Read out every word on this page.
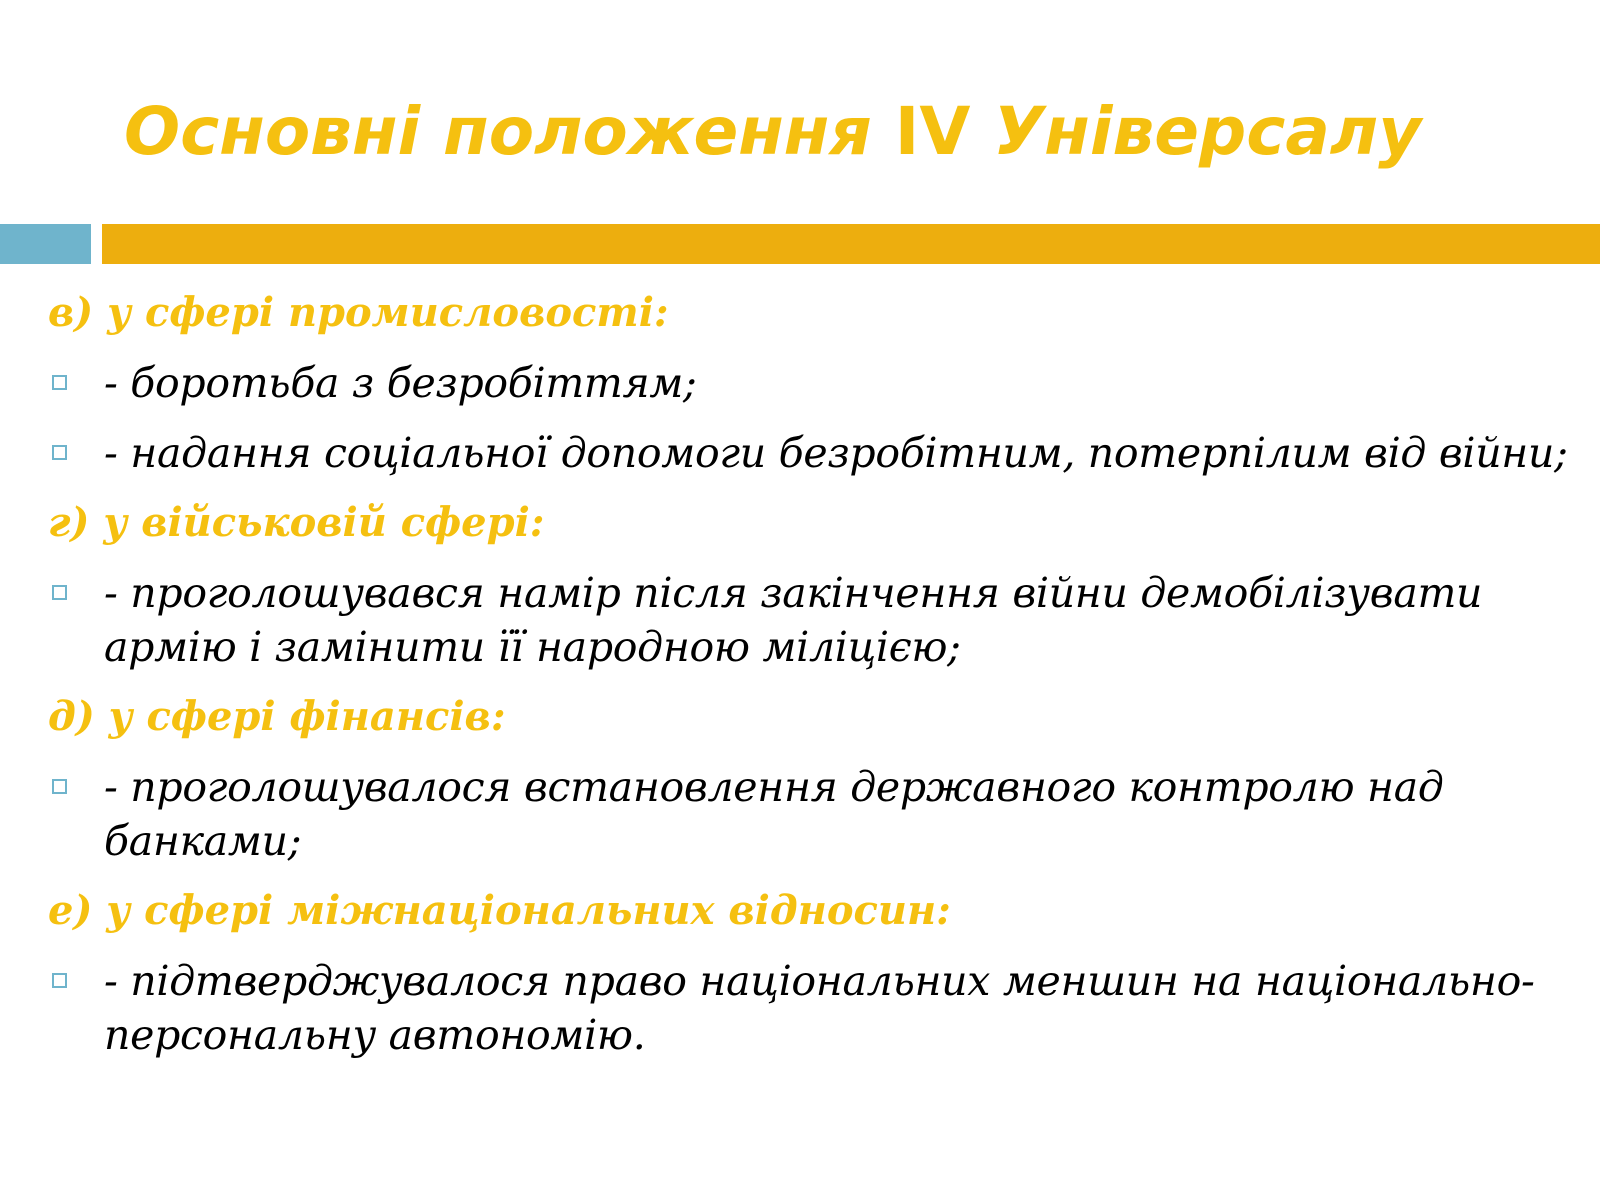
Основні положення IV Універсалу

в) у сфері промисловості:

- боротьба з безробіттям;
- надання соціальної допомоги безробітним, потерпілим від війни;

г) у військовій сфері:

- проголошувався намір після закінчення війни демобілізувати армію і замінити її народною міліцією;

д) у сфері фінансів:

- проголошувалося встановлення державного контролю над банками;

е) у сфері міжнаціональних відносин:

- підтверджувалося право національних меншин на національно-персональну автономію.
